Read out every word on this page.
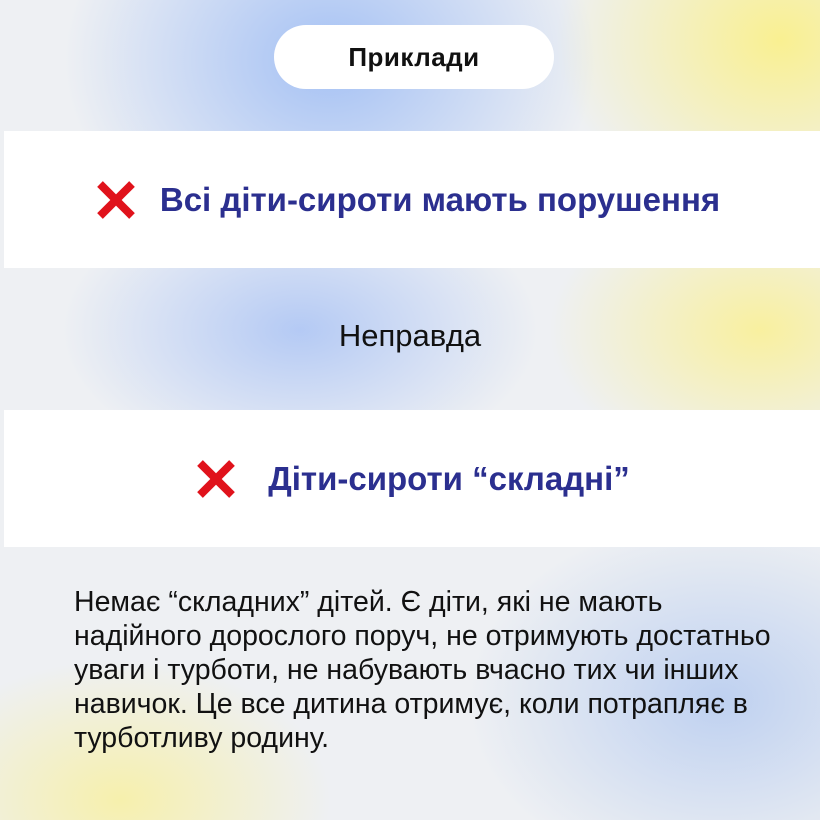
Приклади
Всі діти-сироти мають порушення
Неправда
Діти-сироти “складні”

Немає “складних” дітей. Є діти, які не мають надійного дорослого поруч, не отримують достатньо уваги і турботи, не набувають вчасно тих чи інших навичок. Це все дитина отримує, коли потрапляє в турботливу родину.
